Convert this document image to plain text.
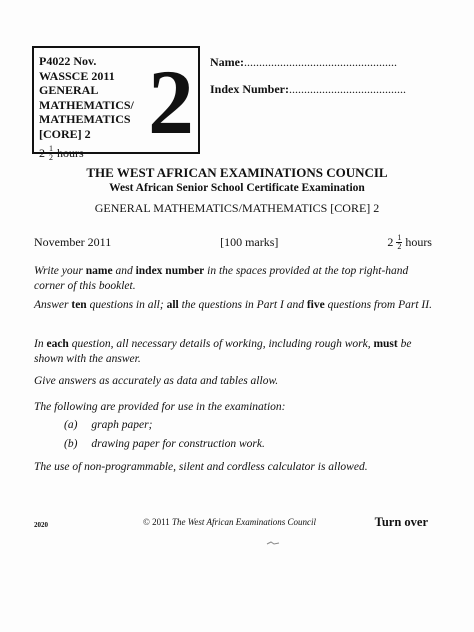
P4022 Nov.
WASSCE 2011
GENERAL
MATHEMATICS/
MATHEMATICS
[CORE] 2
$2 \frac{1}{2}$ hours
2 Name:...................................................
Index Number:.......................................
THE WEST AFRICAN EXAMINATIONS COUNCIL
West African Senior School Certificate Examination
GENERAL MATHEMATICS/MATHEMATICS [CORE] 2
November 2011	[100 marks]	$2 \frac{1}{2}$ hours
Write your name and index number in the spaces provided at the top right-hand corner of this booklet.
Answer ten questions in all; all the questions in Part I and five questions from Part II.
In each question, all necessary details of working, including rough work, must be shown with the answer.
Give answers as accurately as data and tables allow.
The following are provided for use in the examination:
(a) graph paper;
(b) drawing paper for construction work.
The use of non-programmable, silent and cordless calculator is allowed.
2020	© 2011 The West African Examinations Council	Turn over
